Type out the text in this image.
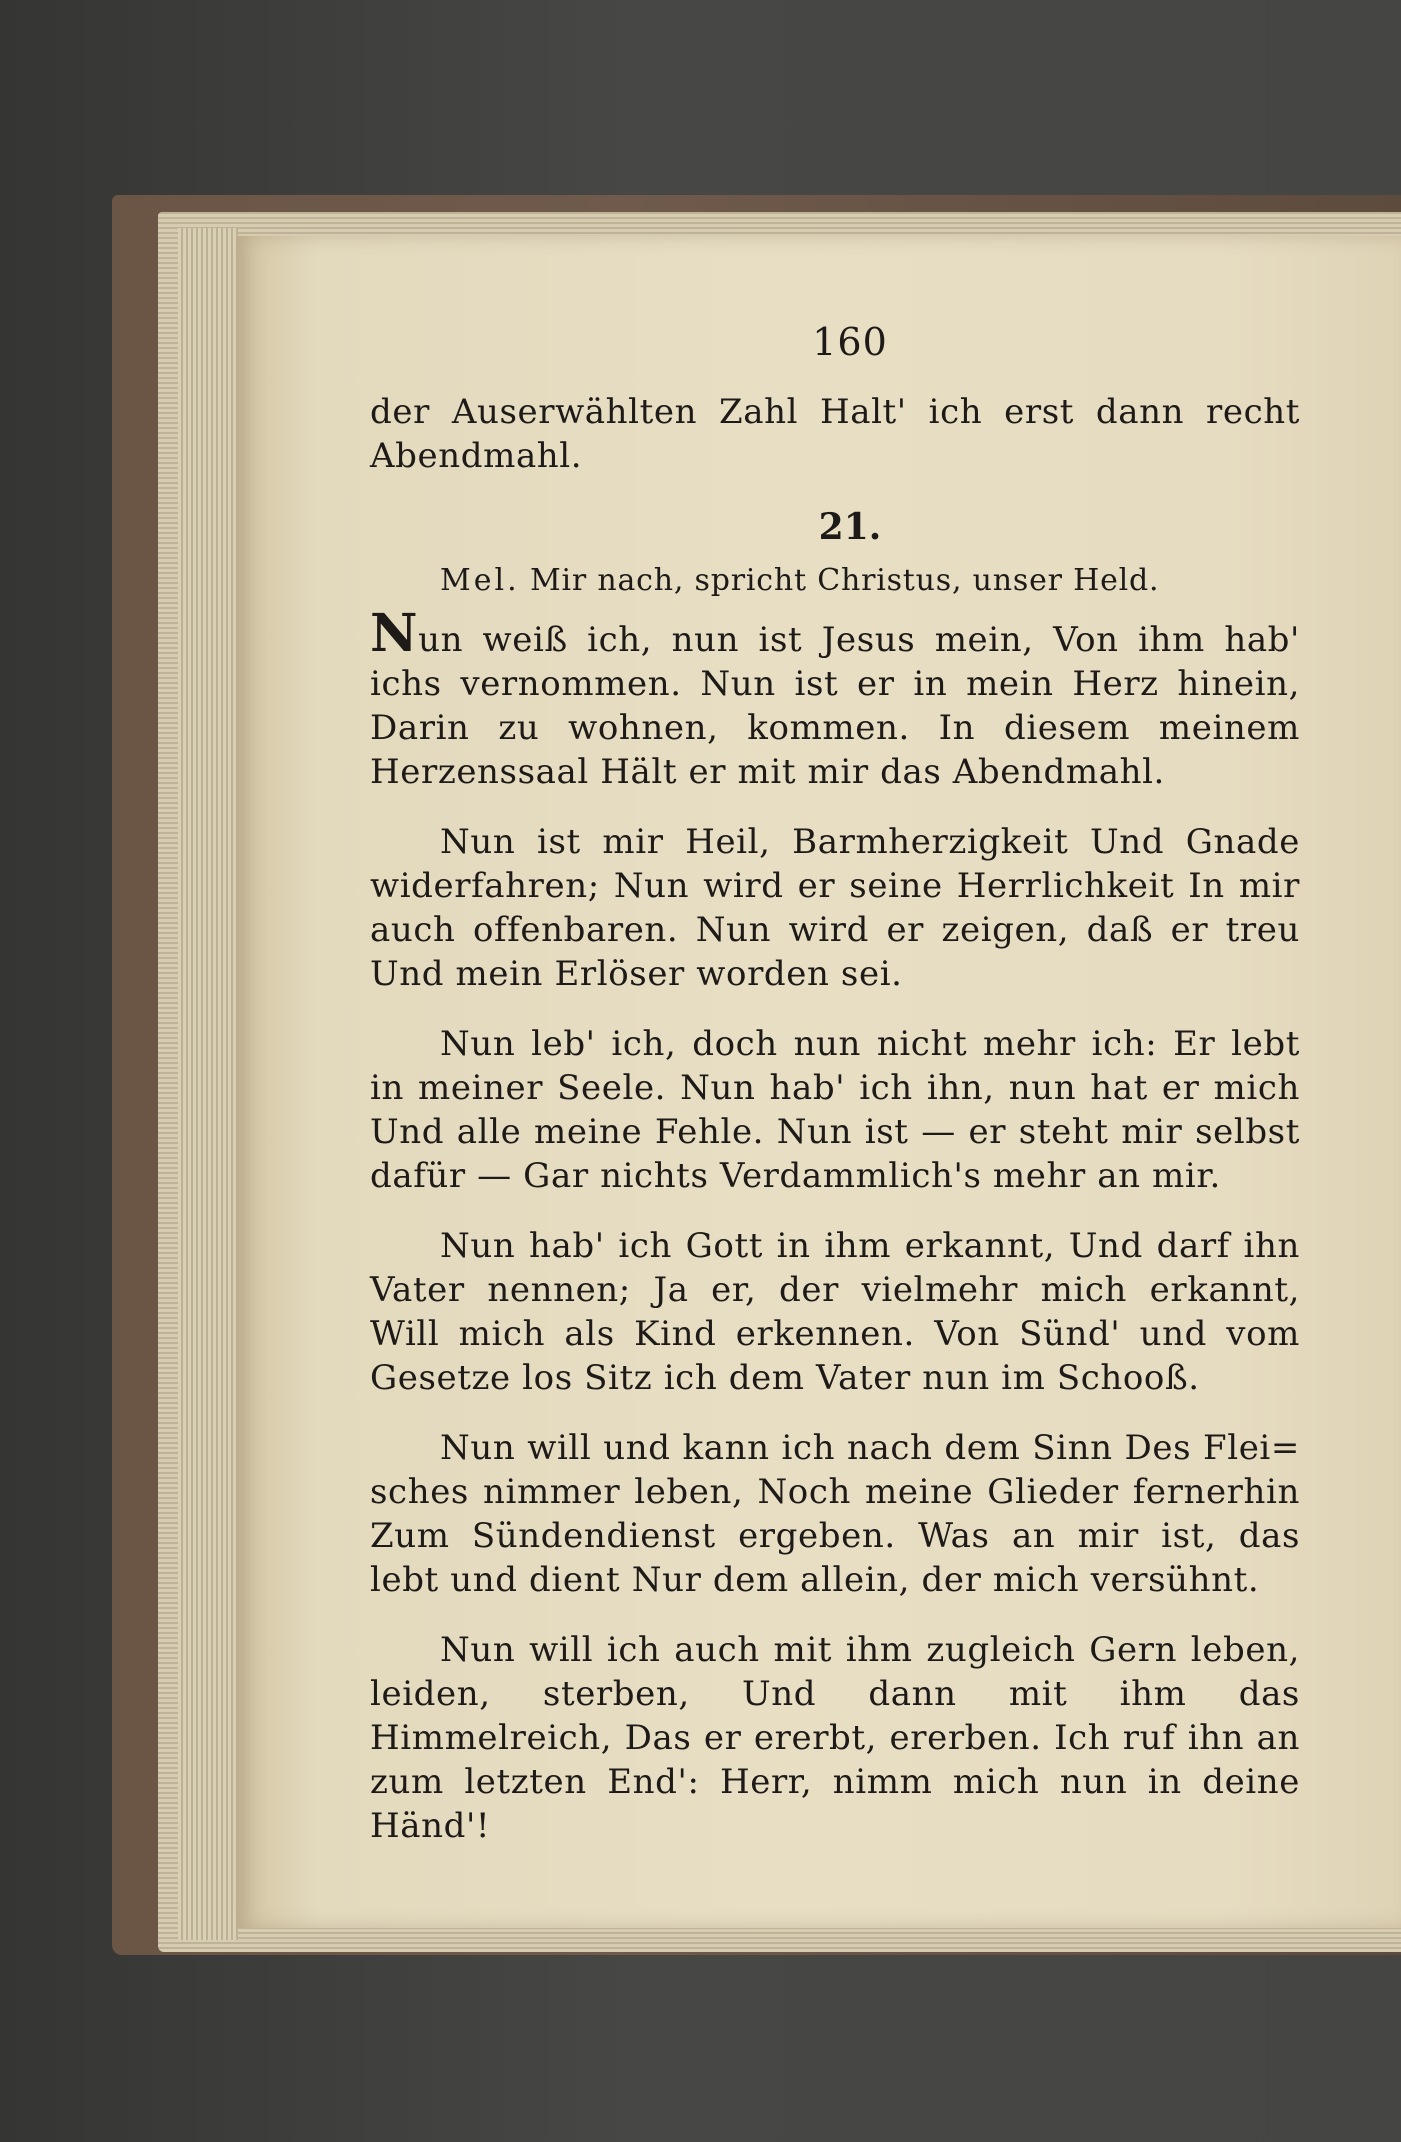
160

der Auserwählten Zahl Halt' ich erst dann recht Abendmahl.

21.

Mel. Mir nach, spricht Christus, unser Held.

Nun weiß ich, nun ist Jesus mein, Von ihm hab' ichs vernommen. Nun ist er in mein Herz hinein, Darin zu wohnen, kommen. In diesem meinem Herzenssaal Hält er mit mir das Abendmahl.

Nun ist mir Heil, Barmherzigkeit Und Gnade widerfahren; Nun wird er seine Herrlichkeit In mir auch offenbaren. Nun wird er zeigen, daß er treu Und mein Erlöser worden sei.

Nun leb' ich, doch nun nicht mehr ich: Er lebt in meiner Seele. Nun hab' ich ihn, nun hat er mich Und alle meine Fehle. Nun ist — er steht mir selbst dafür — Gar nichts Verdammlich's mehr an mir.

Nun hab' ich Gott in ihm erkannt, Und darf ihn Vater nennen; Ja er, der vielmehr mich erkannt, Will mich als Kind erkennen. Von Sünd' und vom Gesetze los Sitz ich dem Vater nun im Schooß.

Nun will und kann ich nach dem Sinn Des Flei= sches nimmer leben, Noch meine Glieder fernerhin Zum Sündendienst ergeben. Was an mir ist, das lebt und dient Nur dem allein, der mich versühnt.

Nun will ich auch mit ihm zugleich Gern leben, leiden, sterben, Und dann mit ihm das Himmelreich, Das er ererbt, ererben. Ich ruf ihn an zum letzten End': Herr, nimm mich nun in deine Händ'!
